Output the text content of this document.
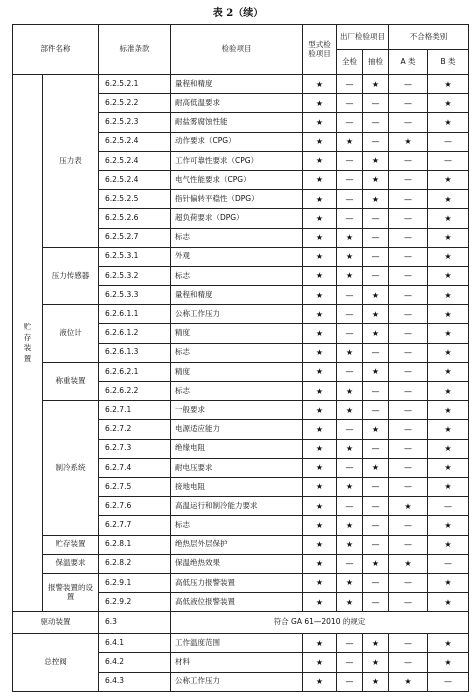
表 2（续）
部件名称		标准条款	检验项目	型式检验项目	出厂检验项目		不合格类别	
					全检	抽检	A 类	B 类

贮存装置	压力表	6.2.5.2.1	量程和精度	★	—	★	—	★
		6.2.5.2.2	耐高低温要求	★	—	—	—	★
		6.2.5.2.3	耐盐雾腐蚀性能	★	—	—	—	★
		6.2.5.2.4	动作要求（CPG）	★	★	—	★	—
		6.2.5.2.4	工作可靠性要求（CPG）	★	—	★	—	—
		6.2.5.2.4	电气性能要求（CPG）	★	—	★	—	★
		6.2.5.2.5	指针偏转平稳性（DPG）	★	—	★	—	★
		6.2.5.2.6	超负荷要求（DPG）	★	—	—	—	★
		6.2.5.2.7	标志	★	★	—	—	★
	压力传感器	6.2.5.3.1	外观	★	★	—	—	★
		6.2.5.3.2	标志	★	★	—	—	★
		6.2.5.3.3	量程和精度	★	—	★	—	★
	液位计	6.2.6.1.1	公称工作压力	★	—	★	—	★
		6.2.6.1.2	精度	★	—	★	—	★
		6.2.6.1.3	标志	★	★	—	—	★
	称重装置	6.2.6.2.1	精度	★	—	★	—	★
		6.2.6.2.2	标志	★	★	—	—	★
	制冷系统	6.2.7.1	一般要求	★	★	—	—	★
		6.2.7.2	电源适应能力	★	—	★	—	★
		6.2.7.3	绝缘电阻	★	★	—	—	★
		6.2.7.4	耐电压要求	★	—	★	—	★
		6.2.7.5	接地电阻	★	★	—	—	★
		6.2.7.6	高温运行和制冷能力要求	★	—	—	★	—
		6.2.7.7	标志	★	★	—	—	★
	贮存装置	6.2.8.1	绝热层外层保护	★	★	—	—	★
	保温要求	6.2.8.2	保温绝热效果	★	—	★	★	—
	报警装置的设置	6.2.9.1	高低压力报警装置	★	★	—	—	★
		6.2.9.2	高低液位报警装置	★	★	—	—	★
驱动装置		6.3	符合 GA 61—2010 的规定					
总控阀		6.4.1	工作温度范围	★	—	★	—	★
		6.4.2	材料	★	—	★	—	★
		6.4.3	公称工作压力	★	—	★	★	—
